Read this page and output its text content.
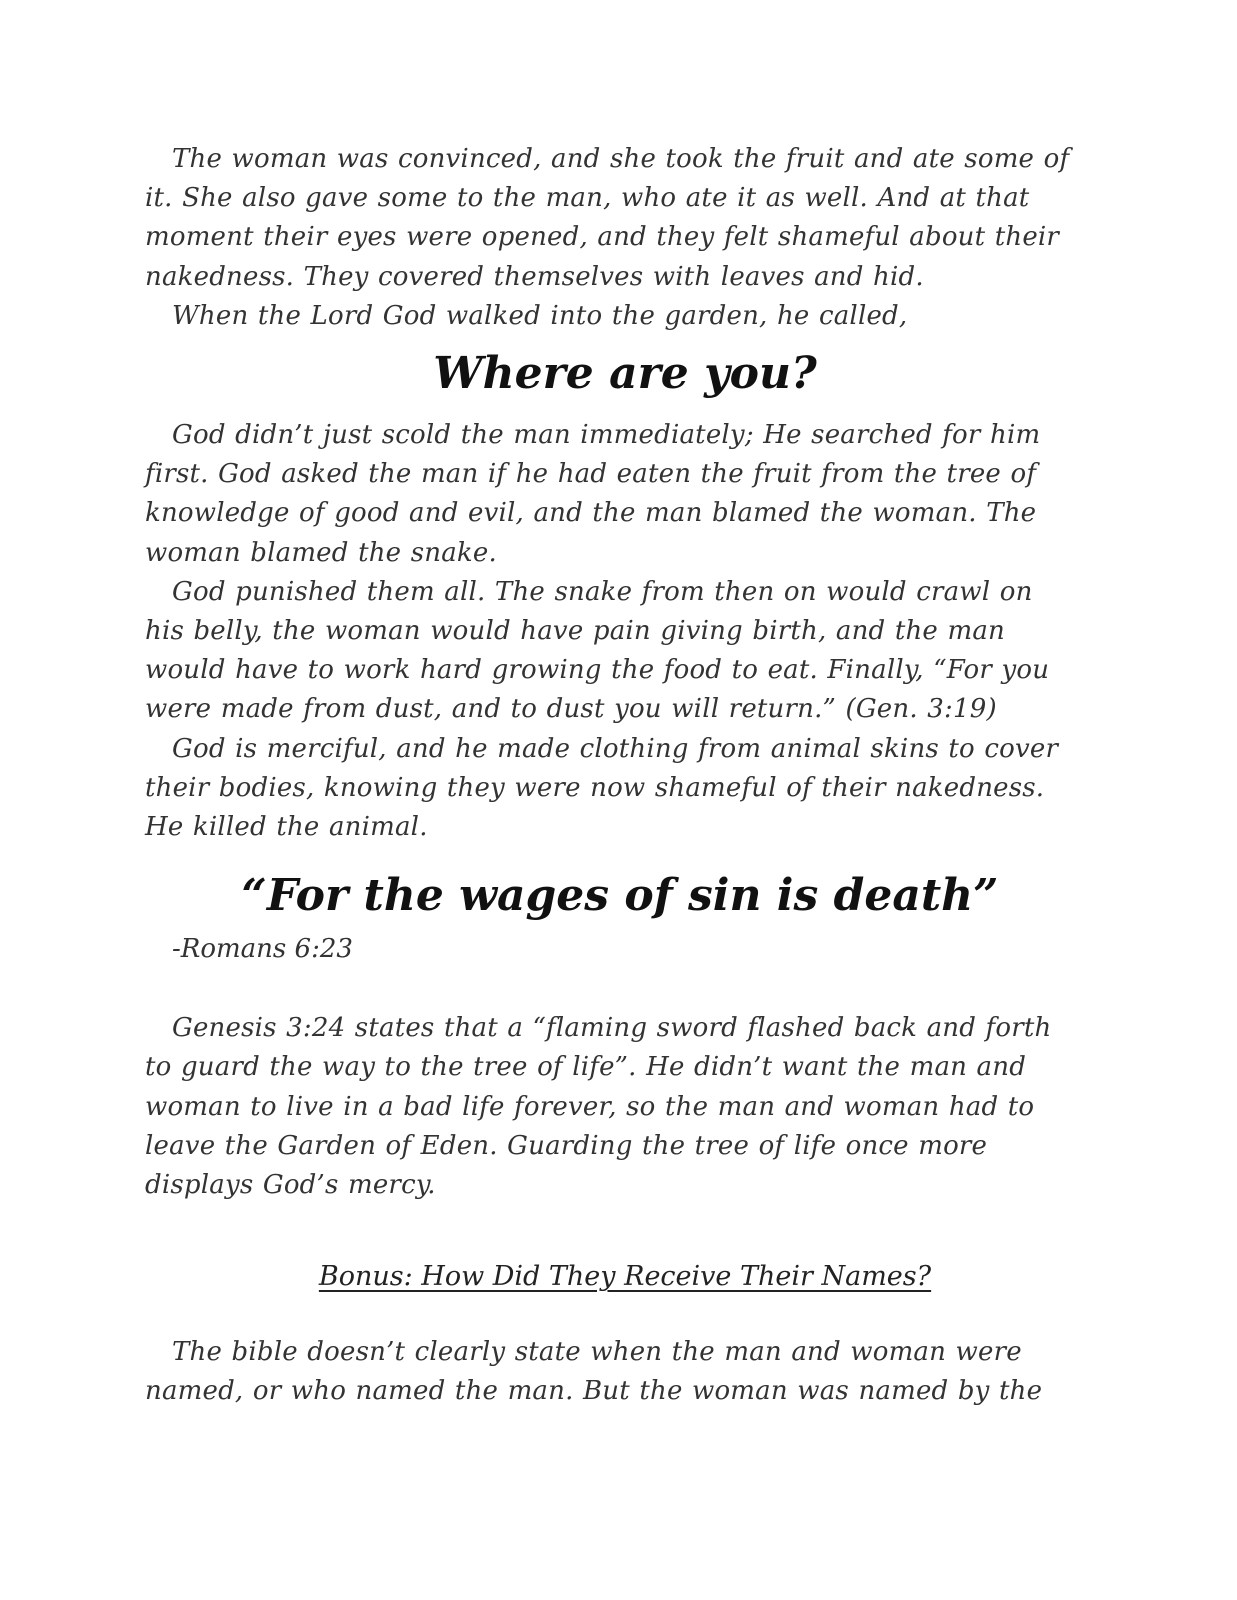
The woman was convinced, and she took the fruit and ate some of it. She also gave some to the man, who ate it as well. And at that moment their eyes were opened, and they felt shameful about their nakedness. They covered themselves with leaves and hid.

When the Lord God walked into the garden, he called,

Where are you?

God didn’t just scold the man immediately; He searched for him first. God asked the man if he had eaten the fruit from the tree of knowledge of good and evil, and the man blamed the woman. The woman blamed the snake.

God punished them all. The snake from then on would crawl on his belly, the woman would have pain giving birth, and the man would have to work hard growing the food to eat. Finally, “For you were made from dust, and to dust you will return.” (Gen. 3:19)

God is merciful, and he made clothing from animal skins to cover their bodies, knowing they were now shameful of their nakedness. He killed the animal.

“For the wages of sin is death”

-Romans 6:23

Genesis 3:24 states that a “flaming sword flashed back and forth to guard the way to the tree of life”. He didn’t want the man and woman to live in a bad life forever, so the man and woman had to leave the Garden of Eden. Guarding the tree of life once more displays God’s mercy.

Bonus: How Did They Receive Their Names?

The bible doesn’t clearly state when the man and woman were named, or who named the man. But the woman was named by the
